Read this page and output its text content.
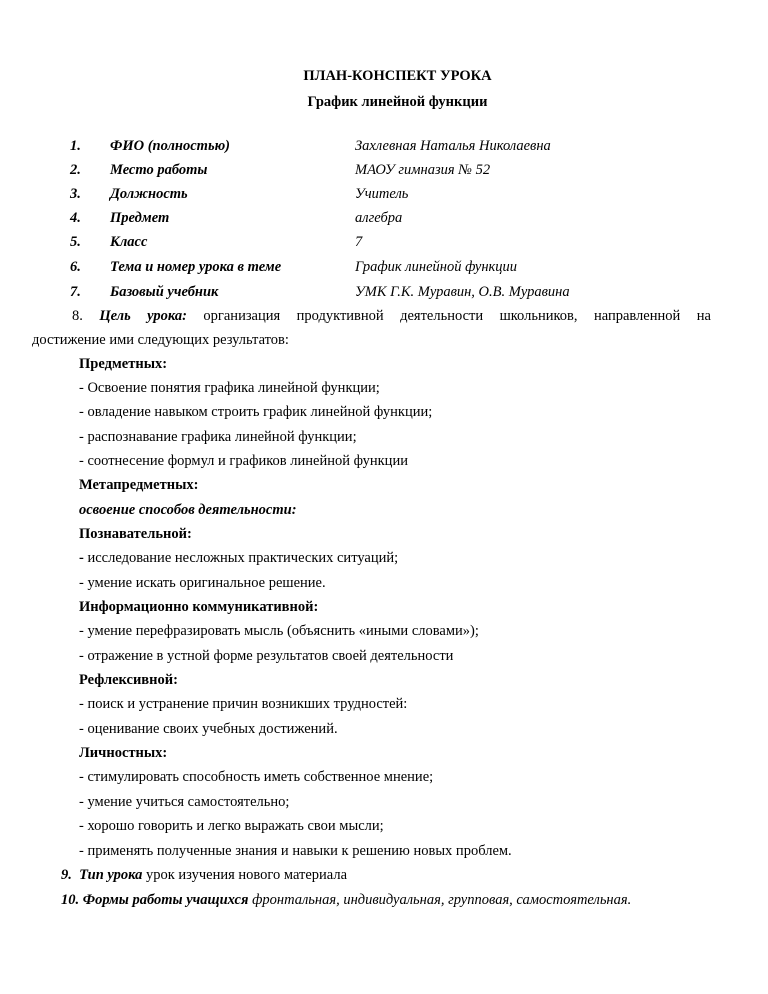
ПЛАН-КОНСПЕКТ УРОКА
График линейной функции
1. ФИО (полностью)	Захлевная Наталья Николаевна
2. Место работы	МАОУ гимназия № 52
3. Должность	Учитель
4. Предмет	алгебра
5. Класс	7
6. Тема и номер урока в теме	График линейной функции
7. Базовый учебник	УМК Г.К. Муравин, О.В. Муравина
8. Цель урока: организация продуктивной деятельности школьников, направленной на
достижение ими следующих результатов:
Предметных:
- Освоение понятия графика линейной функции;
- овладение навыком строить график линейной функции;
- распознавание графика линейной функции;
- соотнесение формул и графиков линейной функции
Метапредметных:
освоение способов деятельности:
Познавательной:
- исследование несложных практических ситуаций;
- умение искать оригинальное решение.
Информационно коммуникативной:
- умение перефразировать мысль (объяснить «иными словами»);
- отражение в устной форме результатов своей деятельности
Рефлексивной:
- поиск и устранение причин возникших трудностей:
- оценивание своих учебных достижений.
Личностных:
- стимулировать способность иметь собственное мнение;
- умение учиться самостоятельно;
- хорошо говорить и легко выражать свои мысли;
- применять полученные знания и навыки к решению новых проблем.
9. Тип урока урок изучения нового материала
10. Формы работы учащихся фронтальная, индивидуальная, групповая, самостоятельная.
